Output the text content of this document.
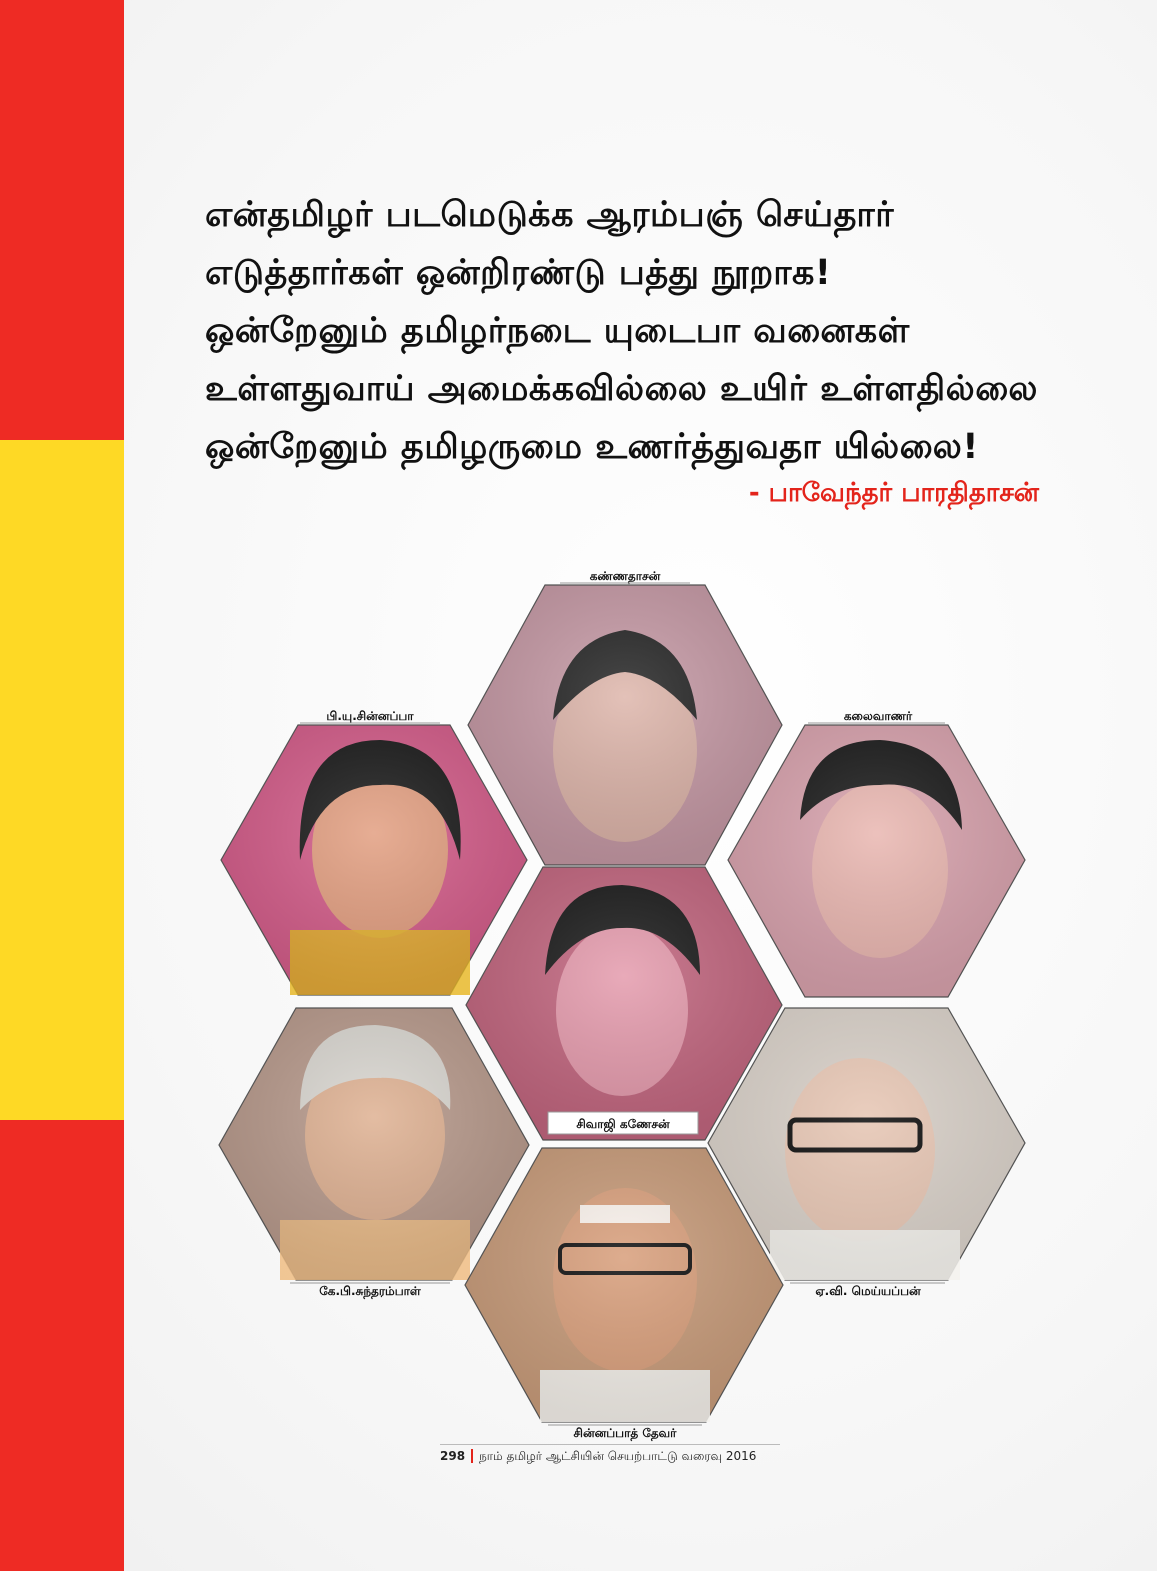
என்தமிழர் படமெடுக்க ஆரம்பஞ் செய்தார்
எடுத்தார்கள் ஒன்றிரண்டு பத்து நூறாக!
ஒன்றேனும் தமிழர்நடை யுடைபா வனைகள்
உள்ளதுவாய் அமைக்கவில்லை உயிர் உள்ளதில்லை
ஒன்றேனும் தமிழருமை உணர்த்துவதா யில்லை!
- பாவேந்தர் பாரதிதாசன்
கண்ணதாசன்
பி.யு.சின்னப்பா	கலைவாணர்
சிவாஜி கணேசன்
கே.பி.சுந்தரம்பாள்	ஏ.வி. மெய்யப்பன்
சின்னப்பாத் தேவர்
298 நாம் தமிழர் ஆட்சியின் செயற்பாட்டு வரைவு 2016
